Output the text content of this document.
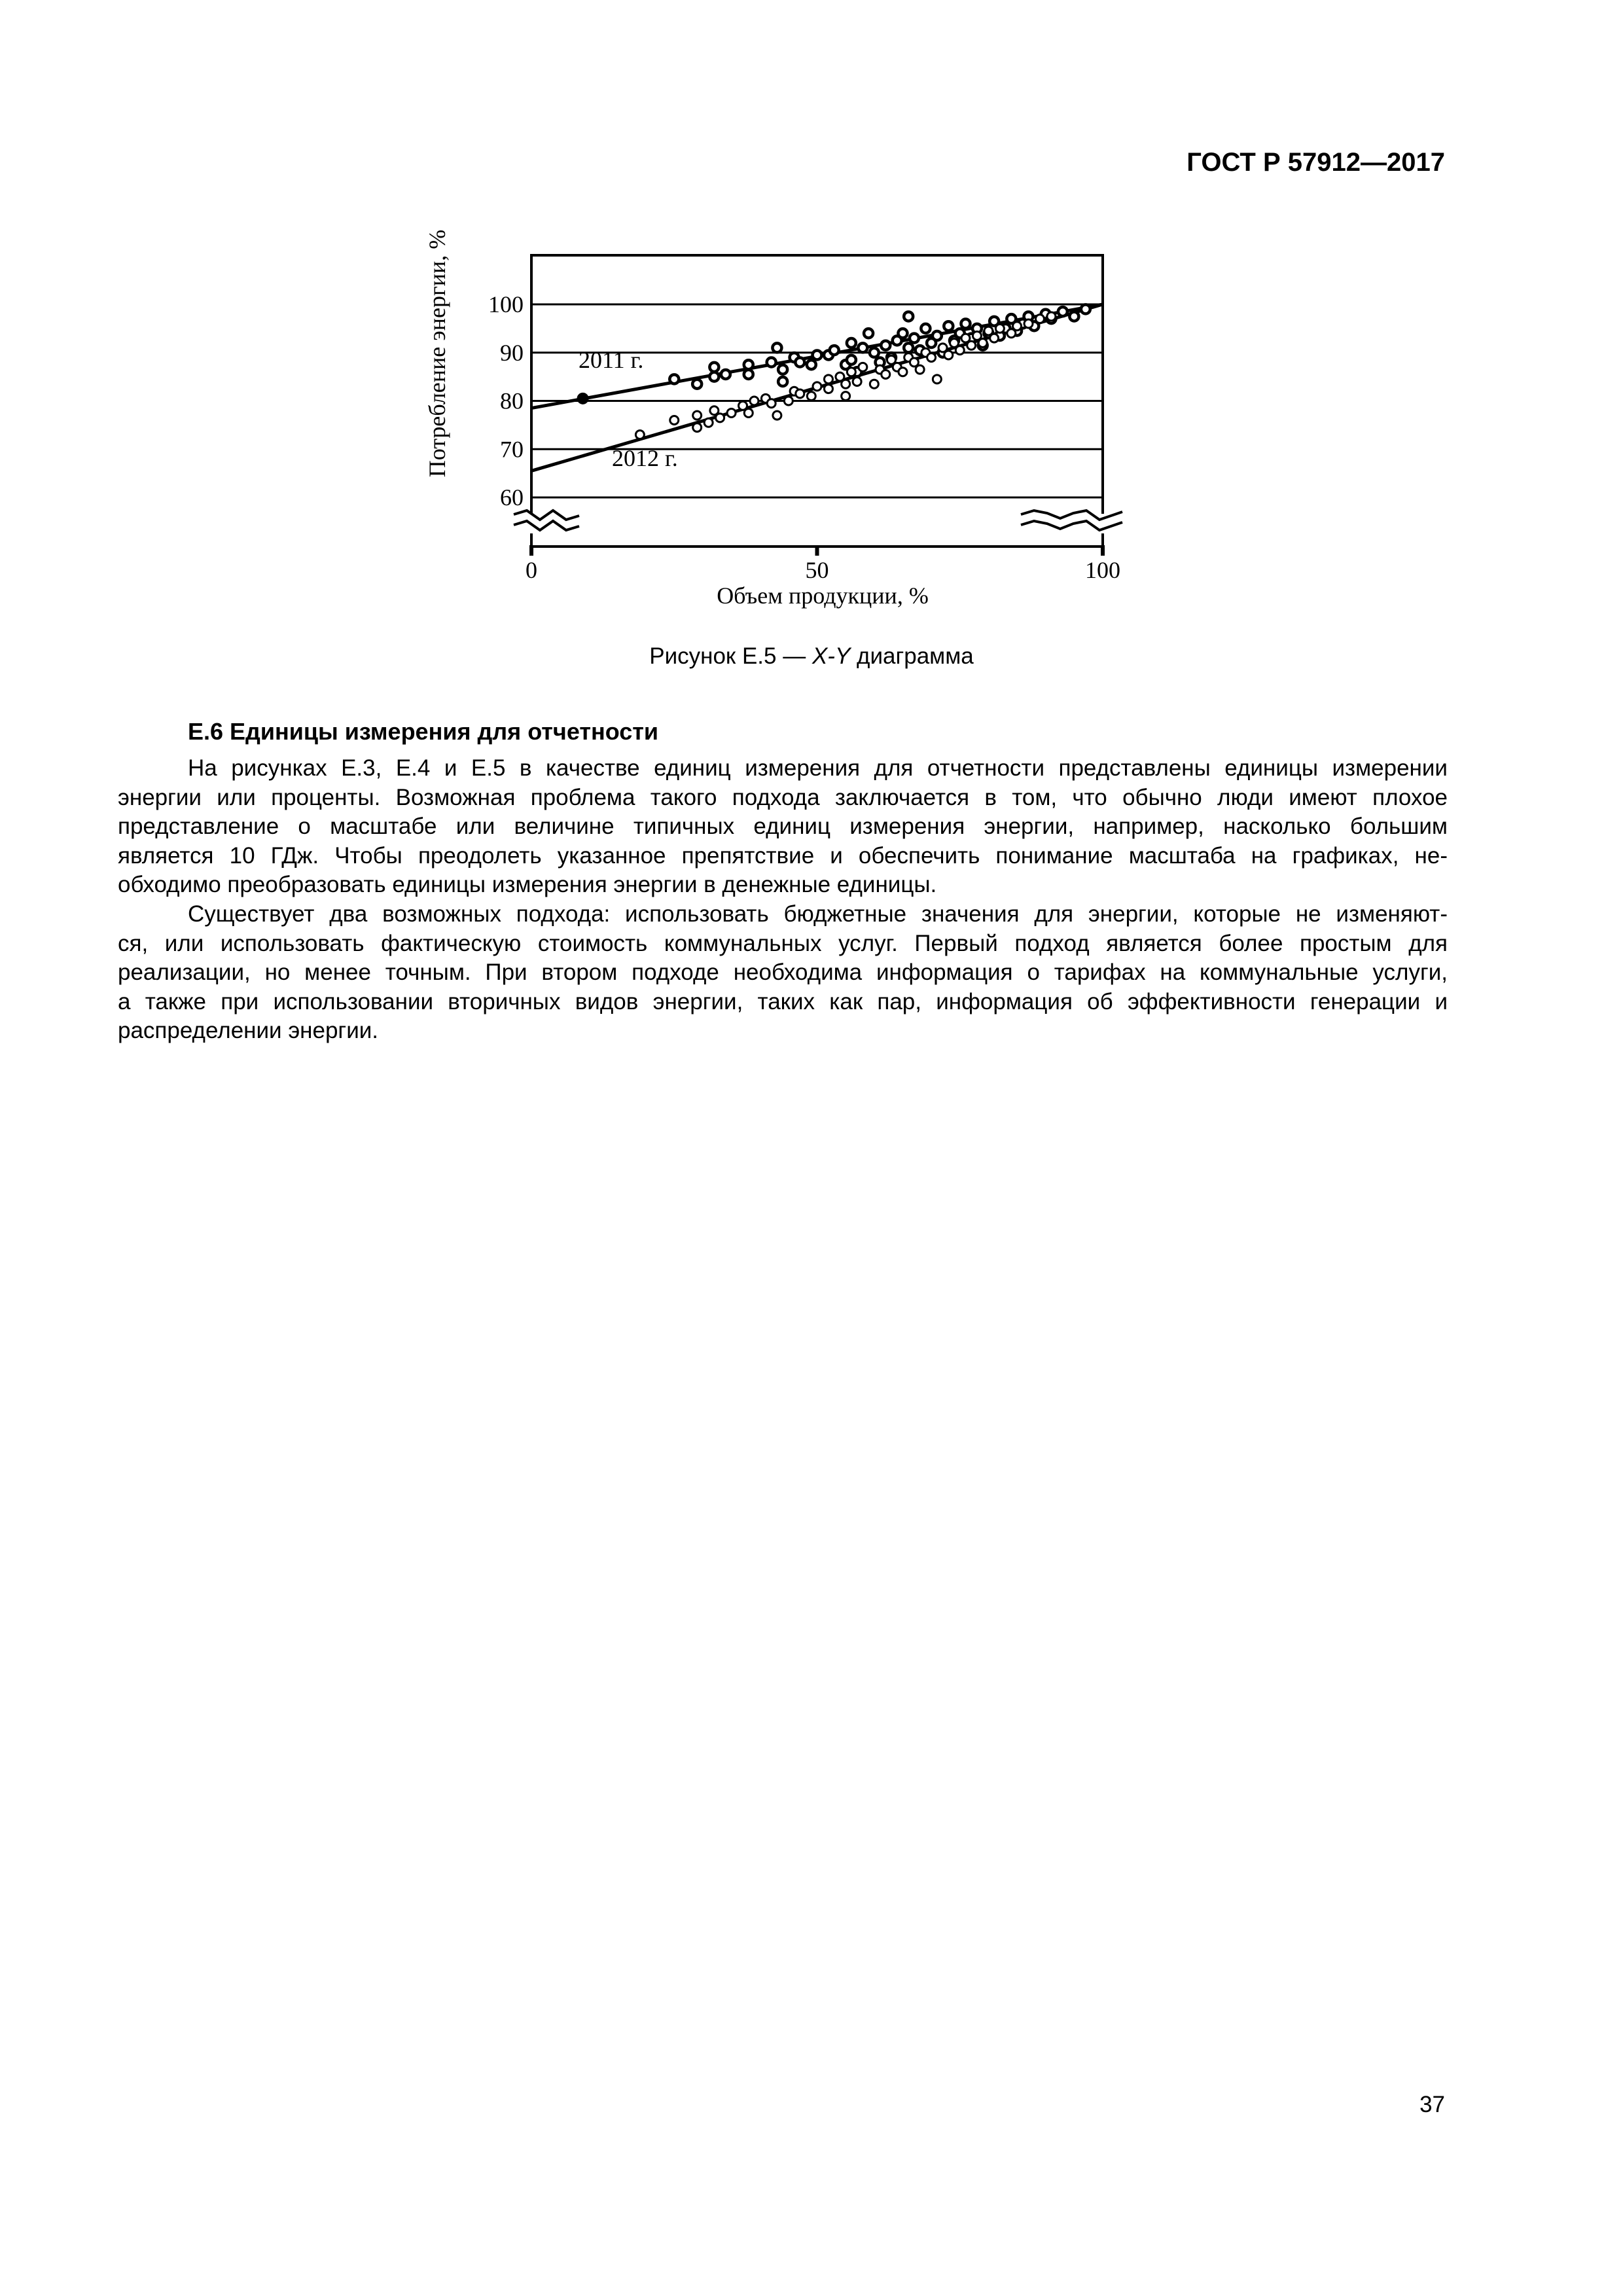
ГОСТ Р 57912—2017
0	50	100
60
70
80
90
100
Потребление энергии, %
Объем продукции, %
2011 г.
2012 г.
Рисунок Е.5 — X-Y диаграмма
Е.6 Единицы измерения для отчетности
На рисунках Е.3, Е.4 и Е.5 в качестве единиц измерения для отчетности представлены единицы измерении
энергии или проценты. Возможная проблема такого подхода заключается в том, что обычно люди имеют плохое
представление о масштабе или величине типичных единиц измерения энергии, например, насколько большим
является 10 ГДж. Чтобы преодолеть указанное препятствие и обеспечить понимание масштаба на графиках, не-
обходимо преобразовать единицы измерения энергии в денежные единицы.
Существует два возможных подхода: использовать бюджетные значения для энергии, которые не изменяют-
ся, или использовать фактическую стоимость коммунальных услуг. Первый подход является более простым для
реализации, но менее точным. При втором подходе необходима информация о тарифах на коммунальные услуги,
а также при использовании вторичных видов энергии, таких как пар, информация об эффективности генерации и
распределении энергии.
37
